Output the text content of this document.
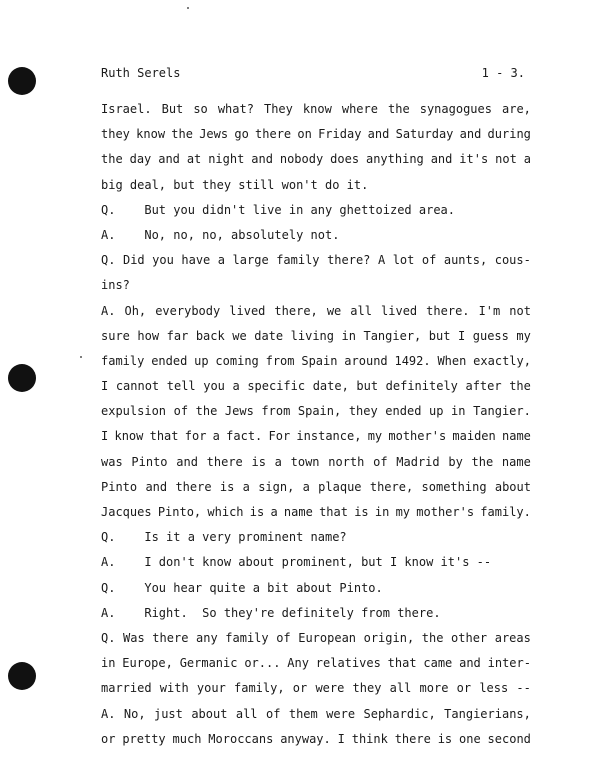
Ruth Serels	1 - 3.
Israel. But so what? They know where the synagogues are,
they know the Jews go there on Friday and Saturday and during
the day and at night and nobody does anything and it's not a
big deal, but they still won't do it.
Q.    But you didn't live in any ghettoized area.
A.    No, no, no, absolutely not.
Q. Did you have a large family there? A lot of aunts, cous-
ins?
A. Oh, everybody lived there, we all lived there. I'm not
sure how far back we date living in Tangier, but I guess my
family ended up coming from Spain around 1492. When exactly,
I cannot tell you a specific date, but definitely after the
expulsion of the Jews from Spain, they ended up in Tangier.
I know that for a fact. For instance, my mother's maiden name
was Pinto and there is a town north of Madrid by the name
Pinto and there is a sign, a plaque there, something about
Jacques Pinto, which is a name that is in my mother's family.
Q.    Is it a very prominent name?
A.    I don't know about prominent, but I know it's --
Q.    You hear quite a bit about Pinto.
A.    Right.  So they're definitely from there.
Q. Was there any family of European origin, the other areas
in Europe, Germanic or... Any relatives that came and inter-
married with your family, or were they all more or less --
A. No, just about all of them were Sephardic, Tangierians,
or pretty much Moroccans anyway. I think there is one second
